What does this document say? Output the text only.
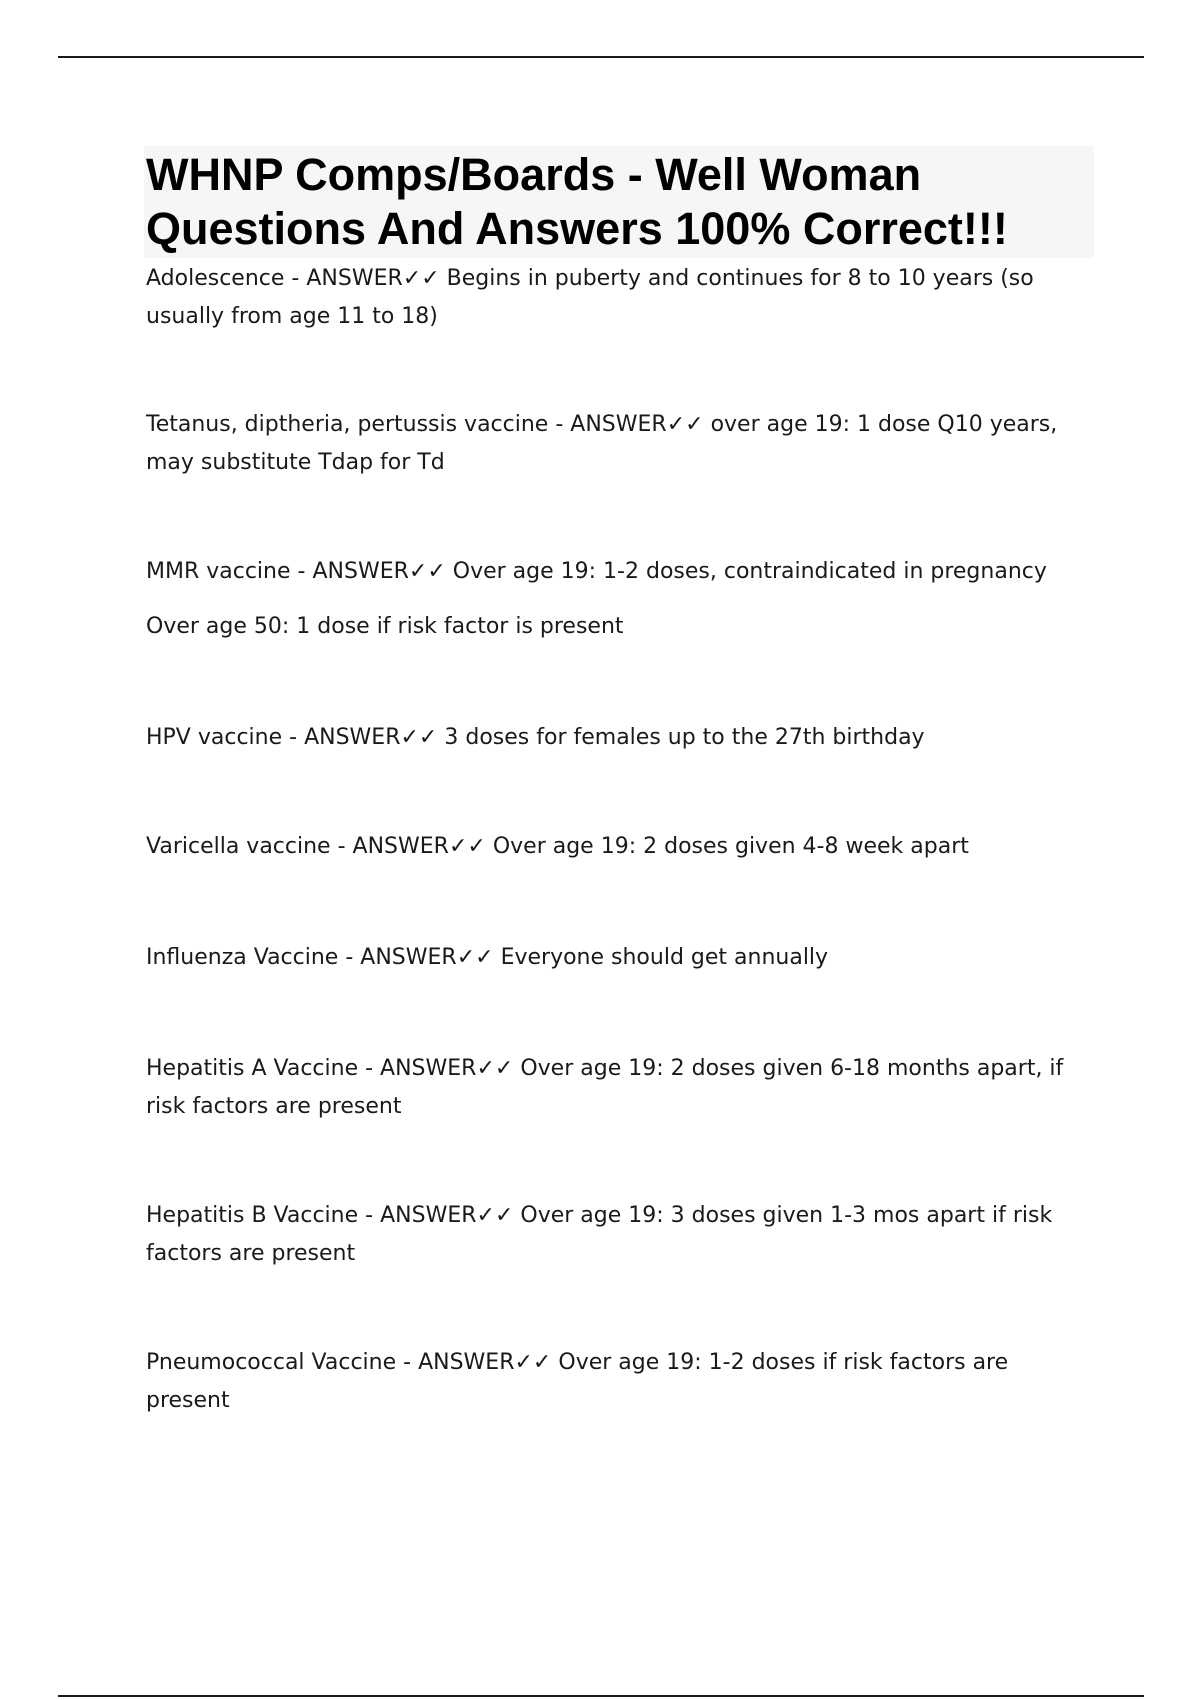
WHNP Comps/Boards - Well Woman Questions And Answers 100% Correct!!!

Adolescence - ANSWER✓✓ Begins in puberty and continues for 8 to 10 years (so usually from age 11 to 18)

Tetanus, diptheria, pertussis vaccine - ANSWER✓✓ over age 19: 1 dose Q10 years, may substitute Tdap for Td

MMR vaccine - ANSWER✓✓ Over age 19: 1-2 doses, contraindicated in pregnancy
Over age 50: 1 dose if risk factor is present

HPV vaccine - ANSWER✓✓ 3 doses for females up to the 27th birthday

Varicella vaccine - ANSWER✓✓ Over age 19: 2 doses given 4-8 week apart

Influenza Vaccine - ANSWER✓✓ Everyone should get annually

Hepatitis A Vaccine - ANSWER✓✓ Over age 19: 2 doses given 6-18 months apart, if risk factors are present

Hepatitis B Vaccine - ANSWER✓✓ Over age 19: 3 doses given 1-3 mos apart if risk factors are present

Pneumococcal Vaccine - ANSWER✓✓ Over age 19: 1-2 doses if risk factors are present
